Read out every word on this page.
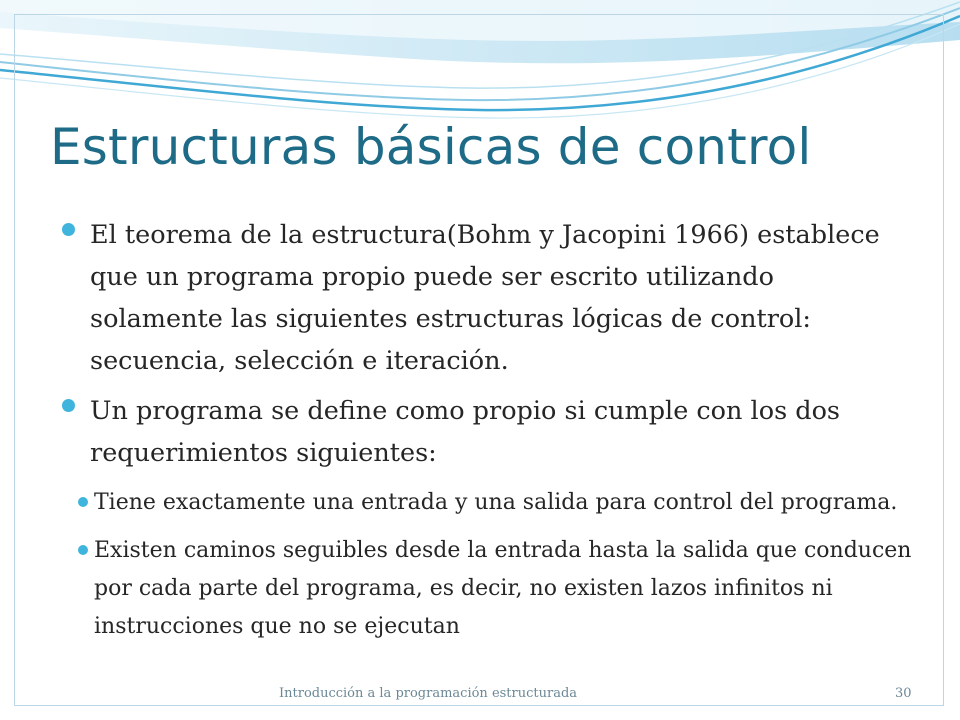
Estructuras básicas de control
El teorema de la estructura(Bohm y Jacopini 1966) establece que un programa propio puede ser escrito utilizando solamente las siguientes estructuras lógicas de control: secuencia, selección e iteración.
Un programa se define como propio si cumple con los dos requerimientos siguientes:
Tiene exactamente una entrada y una salida para control del programa.
Existen caminos seguibles desde la entrada hasta la salida que conducen por cada parte del programa, es decir, no existen lazos infinitos ni instrucciones que no se ejecutan
Introducción a la programación estructurada	30
